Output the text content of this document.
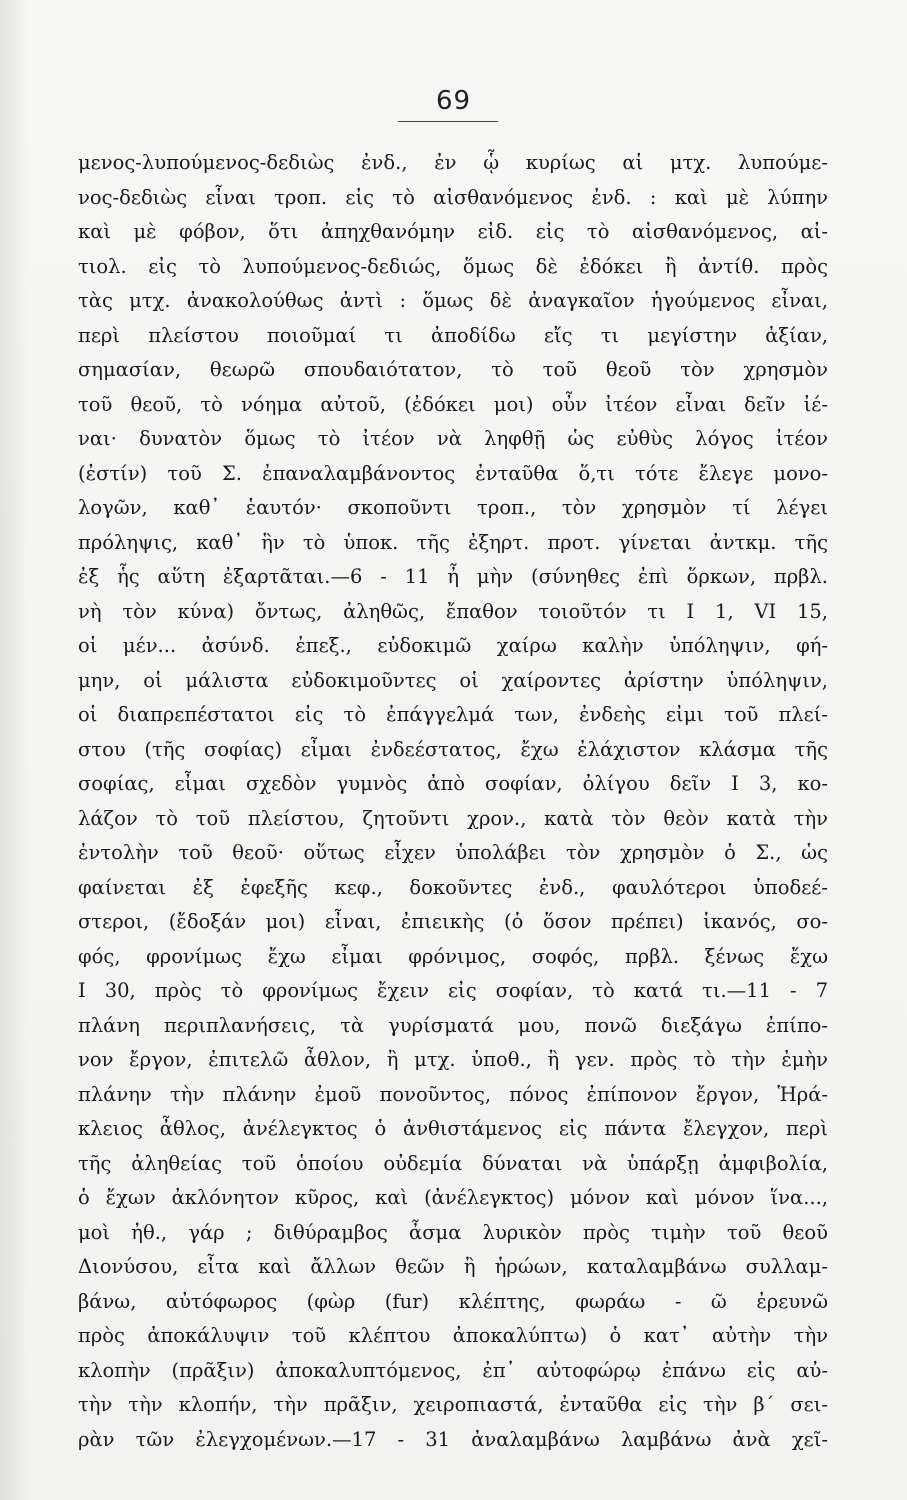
69
μενος-λυπούμενος-δεδιὼς ἐνδ., ἐν ᾧ κυρίως αἱ μτχ. λυπούμε-
νος-δεδιὼς εἶναι τροπ. εἰς τὸ αἰσθανόμενος ἐνδ. : καὶ μὲ λύπην
καὶ μὲ φόβον, ὅτι ἀπηχθανόμην εἰδ. εἰς τὸ αἰσθανόμενος, αἰ-
τιολ. εἰς τὸ λυπούμενος-δεδιώς, ὅμως δὲ ἐδόκει ἢ ἀντίθ. πρὸς
τὰς μτχ. ἀνακολούθως ἀντὶ : ὅμως δὲ ἀναγκαῖον ἡγούμενος εἶναι,
περὶ πλείστου ποιοῦμαί τι ἀποδίδω εἴς τι μεγίστην ἀξίαν,
σημασίαν, θεωρῶ σπουδαιότατον, τὸ τοῦ θεοῦ τὸν χρησμὸν
τοῦ θεοῦ, τὸ νόημα αὐτοῦ, (ἐδόκει μοι) οὖν ἰτέον εἶναι δεῖν ἰέ-
ναι· δυνατὸν ὅμως τὸ ἰτέον νὰ ληφθῇ ὡς εὐθὺς λόγος ἰτέον
(ἐστίν) τοῦ Σ. ἐπαναλαμβάνοντος ἐνταῦθα ὅ,τι τότε ἔλεγε μονο-
λογῶν, καθ᾽ ἑαυτόν· σκοποῦντι τροπ., τὸν χρησμὸν τί λέγει
πρόληψις, καθ᾽ ἣν τὸ ὑποκ. τῆς ἐξηρτ. προτ. γίνεται ἀντκμ. τῆς
ἐξ ἧς αὕτη ἐξαρτᾶται.—6 - 11 ἦ μὴν (σύνηθες ἐπὶ ὅρκων, πρβλ.
νὴ τὸν κύνα) ὄντως, ἀληθῶς, ἔπαθον τοιοῦτόν τι Ι 1, VI 15,
οἱ μέν... ἀσύνδ. ἐπεξ., εὐδοκιμῶ χαίρω καλὴν ὑπόληψιν, φή-
μην, οἱ μάλιστα εὐδοκιμοῦντες οἱ χαίροντες ἀρίστην ὑπόληψιν,
οἱ διαπρεπέστατοι εἰς τὸ ἐπάγγελμά των, ἐνδεὴς εἰμι τοῦ πλεί-
στου (τῆς σοφίας) εἶμαι ἐνδεέστατος, ἔχω ἐλάχιστον κλάσμα τῆς
σοφίας, εἶμαι σχεδὸν γυμνὸς ἀπὸ σοφίαν, ὀλίγου δεῖν Ι 3, κο-
λάζον τὸ τοῦ πλείστου, ζητοῦντι χρον., κατὰ τὸν θεὸν κατὰ τὴν
ἐντολὴν τοῦ θεοῦ· οὕτως εἶχεν ὑπολάβει τὸν χρησμὸν ὁ Σ., ὡς
φαίνεται ἐξ ἐφεξῆς κεφ., δοκοῦντες ἐνδ., φαυλότεροι ὑποδεέ-
στεροι, (ἔδοξάν μοι) εἶναι, ἐπιεικὴς (ὁ ὅσον πρέπει) ἱκανός, σο-
φός, φρονίμως ἔχω εἶμαι φρόνιμος, σοφός, πρβλ. ξένως ἔχω
Ι 30, πρὸς τὸ φρονίμως ἔχειν εἰς σοφίαν, τὸ κατά τι.—11 - 7
πλάνη περιπλανήσεις, τὰ γυρίσματά μου, πονῶ διεξάγω ἐπίπο-
νον ἔργον, ἐπιτελῶ ἆθλον, ἢ μτχ. ὑποθ., ἢ γεν. πρὸς τὸ τὴν ἐμὴν
πλάνην τὴν πλάνην ἐμοῦ πονοῦντος, πόνος ἐπίπονον ἔργον, Ἡρά-
κλειος ἆθλος, ἀνέλεγκτος ὁ ἀνθιστάμενος εἰς πάντα ἔλεγχον, περὶ
τῆς ἀληθείας τοῦ ὁποίου οὐδεμία δύναται νὰ ὑπάρξῃ ἀμφιβολία,
ὁ ἔχων ἀκλόνητον κῦρος, καὶ (ἀνέλεγκτος) μόνον καὶ μόνον ἵνα...,
μοὶ ἠθ., γάρ ; διθύραμβος ἆσμα λυρικὸν πρὸς τιμὴν τοῦ θεοῦ
Διονύσου, εἶτα καὶ ἄλλων θεῶν ἢ ἡρώων, καταλαμβάνω συλλαμ-
βάνω, αὐτόφωρος (φὼρ (fur) κλέπτης, φωράω - ῶ ἐρευνῶ
πρὸς ἀποκάλυψιν τοῦ κλέπτου ἀποκαλύπτω) ὁ κατ᾽ αὐτὴν τὴν
κλοπὴν (πρᾶξιν) ἀποκαλυπτόμενος, ἐπ᾽ αὐτοφώρῳ ἐπάνω εἰς αὐ-
τὴν τὴν κλοπήν, τὴν πρᾶξιν, χειροπιαστά, ἐνταῦθα εἰς τὴν β΄ σει-
ρὰν τῶν ἐλεγχομένων.—17 - 31 ἀναλαμβάνω λαμβάνω ἀνὰ χεῖ-
